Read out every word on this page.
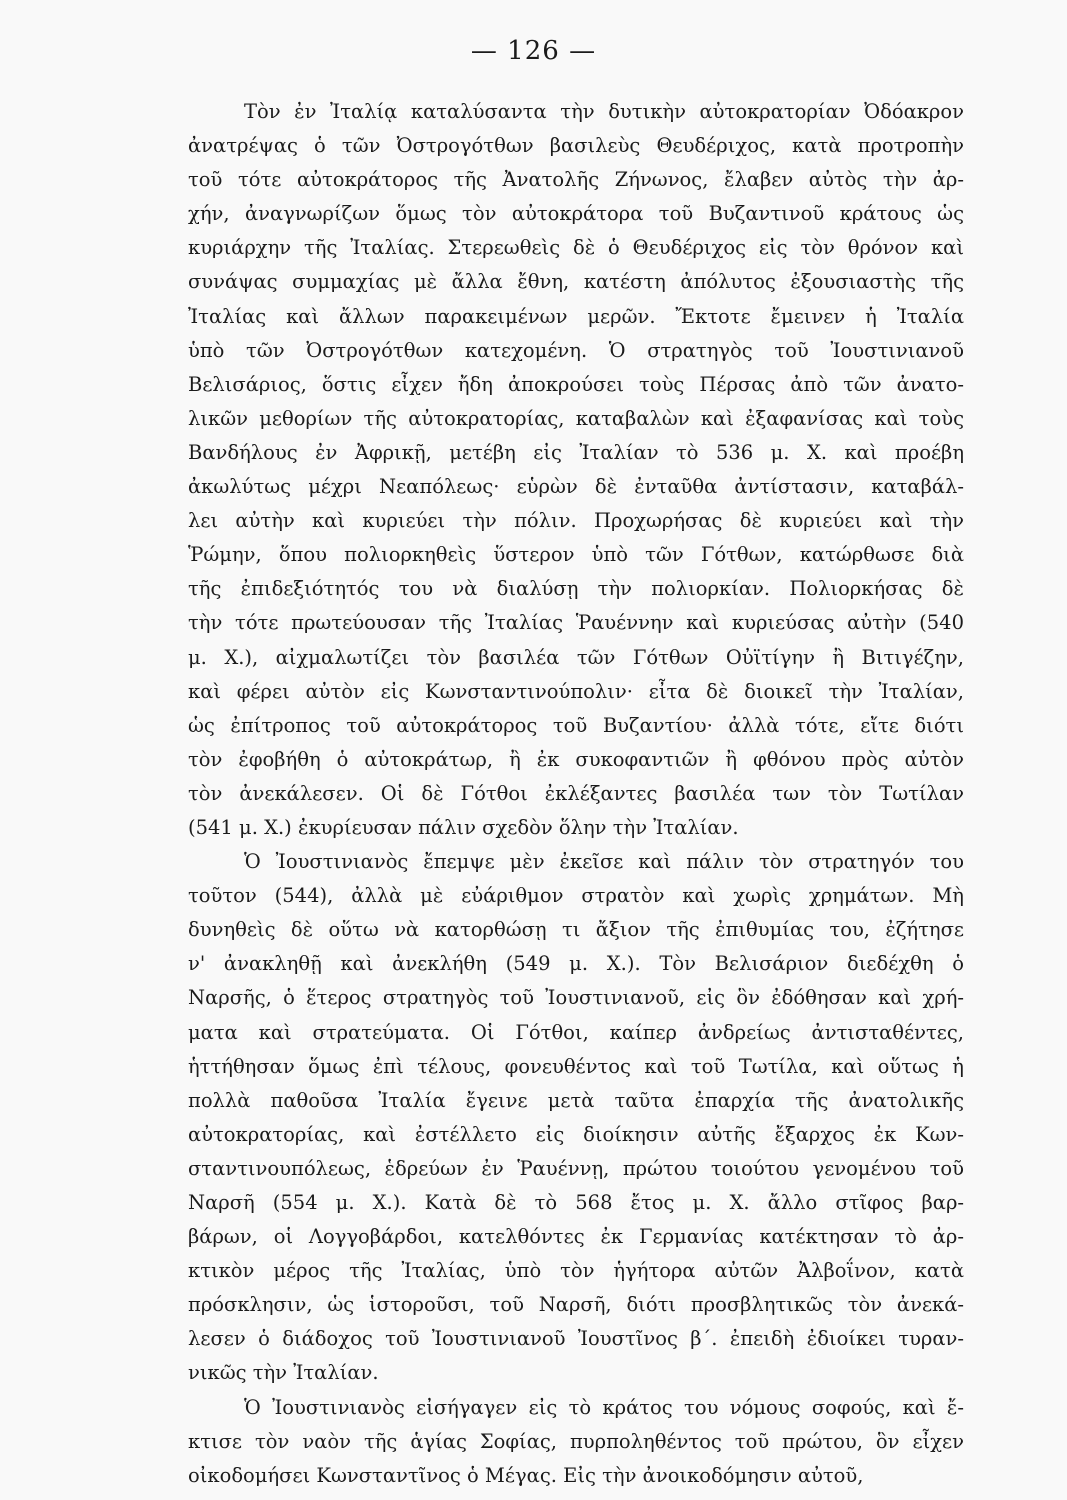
— 126 —
Τὸν ἐν Ἰταλίᾳ καταλύσαντα τὴν δυτικὴν αὐτοκρατορίαν Ὀδόακρον
ἀνατρέψας ὁ τῶν Ὀστρογότθων βασιλεὺς Θευδέριχος, κατὰ προτροπὴν
τοῦ τότε αὐτοκράτορος τῆς Ἀνατολῆς Ζήνωνος, ἔλαβεν αὐτὸς τὴν ἀρ-
χήν, ἀναγνωρίζων ὅμως τὸν αὐτοκράτορα τοῦ Βυζαντινοῦ κράτους ὡς
κυριάρχην τῆς Ἰταλίας. Στερεωθεὶς δὲ ὁ Θευδέριχος εἰς τὸν θρόνον καὶ
συνάψας συμμαχίας μὲ ἄλλα ἔθνη, κατέστη ἀπόλυτος ἐξουσιαστὴς τῆς
Ἰταλίας καὶ ἄλλων παρακειμένων μερῶν. Ἔκτοτε ἔμεινεν ἡ Ἰταλία
ὑπὸ τῶν Ὀστρογότθων κατεχομένη. Ὁ στρατηγὸς τοῦ Ἰουστινιανοῦ
Βελισάριος, ὅστις εἶχεν ἤδη ἀποκρούσει τοὺς Πέρσας ἀπὸ τῶν ἀνατο-
λικῶν μεθορίων τῆς αὐτοκρατορίας, καταβαλὼν καὶ ἐξαφανίσας καὶ τοὺς
Βανδήλους ἐν Ἀφρικῇ, μετέβη εἰς Ἰταλίαν τὸ 536 μ. Χ. καὶ προέβη
ἀκωλύτως μέχρι Νεαπόλεως· εὑρὼν δὲ ἐνταῦθα ἀντίστασιν, καταβάλ-
λει αὐτὴν καὶ κυριεύει τὴν πόλιν. Προχωρήσας δὲ κυριεύει καὶ τὴν
Ῥώμην, ὅπου πολιορκηθεὶς ὕστερον ὑπὸ τῶν Γότθων, κατώρθωσε διὰ
τῆς ἐπιδεξιότητός του νὰ διαλύσῃ τὴν πολιορκίαν. Πολιορκήσας δὲ
τὴν τότε πρωτεύουσαν τῆς Ἰταλίας Ῥαυέννην καὶ κυριεύσας αὐτὴν (540
μ. Χ.), αἰχμαλωτίζει τὸν βασιλέα τῶν Γότθων Οὐϊτίγην ἢ Βιτιγέζην,
καὶ φέρει αὐτὸν εἰς Κωνσταντινούπολιν· εἶτα δὲ διοικεῖ τὴν Ἰταλίαν,
ὡς ἐπίτροπος τοῦ αὐτοκράτορος τοῦ Βυζαντίου· ἀλλὰ τότε, εἴτε διότι
τὸν ἐφοβήθη ὁ αὐτοκράτωρ, ἢ ἐκ συκοφαντιῶν ἢ φθόνου πρὸς αὐτὸν
τὸν ἀνεκάλεσεν. Οἱ δὲ Γότθοι ἐκλέξαντες βασιλέα των τὸν Τωτίλαν
(541 μ. Χ.) ἐκυρίευσαν πάλιν σχεδὸν ὅλην τὴν Ἰταλίαν.
Ὁ Ἰουστινιανὸς ἔπεμψε μὲν ἐκεῖσε καὶ πάλιν τὸν στρατηγόν του
τοῦτον (544), ἀλλὰ μὲ εὐάριθμον στρατὸν καὶ χωρὶς χρημάτων. Μὴ
δυνηθεὶς δὲ οὕτω νὰ κατορθώσῃ τι ἄξιον τῆς ἐπιθυμίας του, ἐζήτησε
ν' ἀνακληθῇ καὶ ἀνεκλήθη (549 μ. Χ.). Τὸν Βελισάριον διεδέχθη ὁ
Ναρσῆς, ὁ ἕτερος στρατηγὸς τοῦ Ἰουστινιανοῦ, εἰς ὃν ἐδόθησαν καὶ χρή-
ματα καὶ στρατεύματα. Οἱ Γότθοι, καίπερ ἀνδρείως ἀντισταθέντες,
ἡττήθησαν ὅμως ἐπὶ τέλους, φονευθέντος καὶ τοῦ Τωτίλα, καὶ οὕτως ἡ
πολλὰ παθοῦσα Ἰταλία ἔγεινε μετὰ ταῦτα ἐπαρχία τῆς ἀνατολικῆς
αὐτοκρατορίας, καὶ ἐστέλλετο εἰς διοίκησιν αὐτῆς ἔξαρχος ἐκ Κων-
σταντινουπόλεως, ἑδρεύων ἐν Ῥαυέννῃ, πρώτου τοιούτου γενομένου τοῦ
Ναρσῆ (554 μ. Χ.). Κατὰ δὲ τὸ 568 ἔτος μ. Χ. ἄλλο στῖφος βαρ-
βάρων, οἱ Λογγοβάρδοι, κατελθόντες ἐκ Γερμανίας κατέκτησαν τὸ ἀρ-
κτικὸν μέρος τῆς Ἰταλίας, ὑπὸ τὸν ἡγήτορα αὐτῶν Ἀλβοΐνον, κατὰ
πρόσκλησιν, ὡς ἱστοροῦσι, τοῦ Ναρσῆ, διότι προσβλητικῶς τὸν ἀνεκά-
λεσεν ὁ διάδοχος τοῦ Ἰουστινιανοῦ Ἰουστῖνος β΄. ἐπειδὴ ἐδιοίκει τυραν-
νικῶς τὴν Ἰταλίαν.
Ὁ Ἰουστινιανὸς εἰσήγαγεν εἰς τὸ κράτος του νόμους σοφούς, καὶ ἔ-
κτισε τὸν ναὸν τῆς ἁγίας Σοφίας, πυρποληθέντος τοῦ πρώτου, ὃν εἶχεν
οἰκοδομήσει Κωνσταντῖνος ὁ Μέγας. Εἰς τὴν ἀνοικοδόμησιν αὐτοῦ,
